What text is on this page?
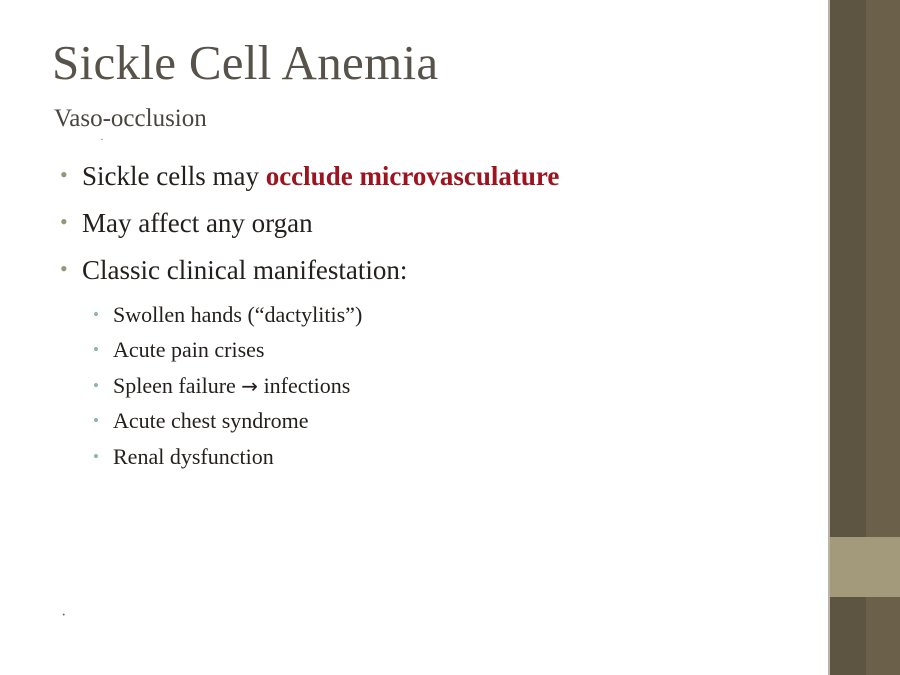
Sickle Cell Anemia
Vaso-occlusion
·
·
• Sickle cells may occlude microvasculature
• May affect any organ
• Classic clinical manifestation:
• Swollen hands (“dactylitis”)
• Acute pain crises
• Spleen failure → infections
• Acute chest syndrome
• Renal dysfunction
